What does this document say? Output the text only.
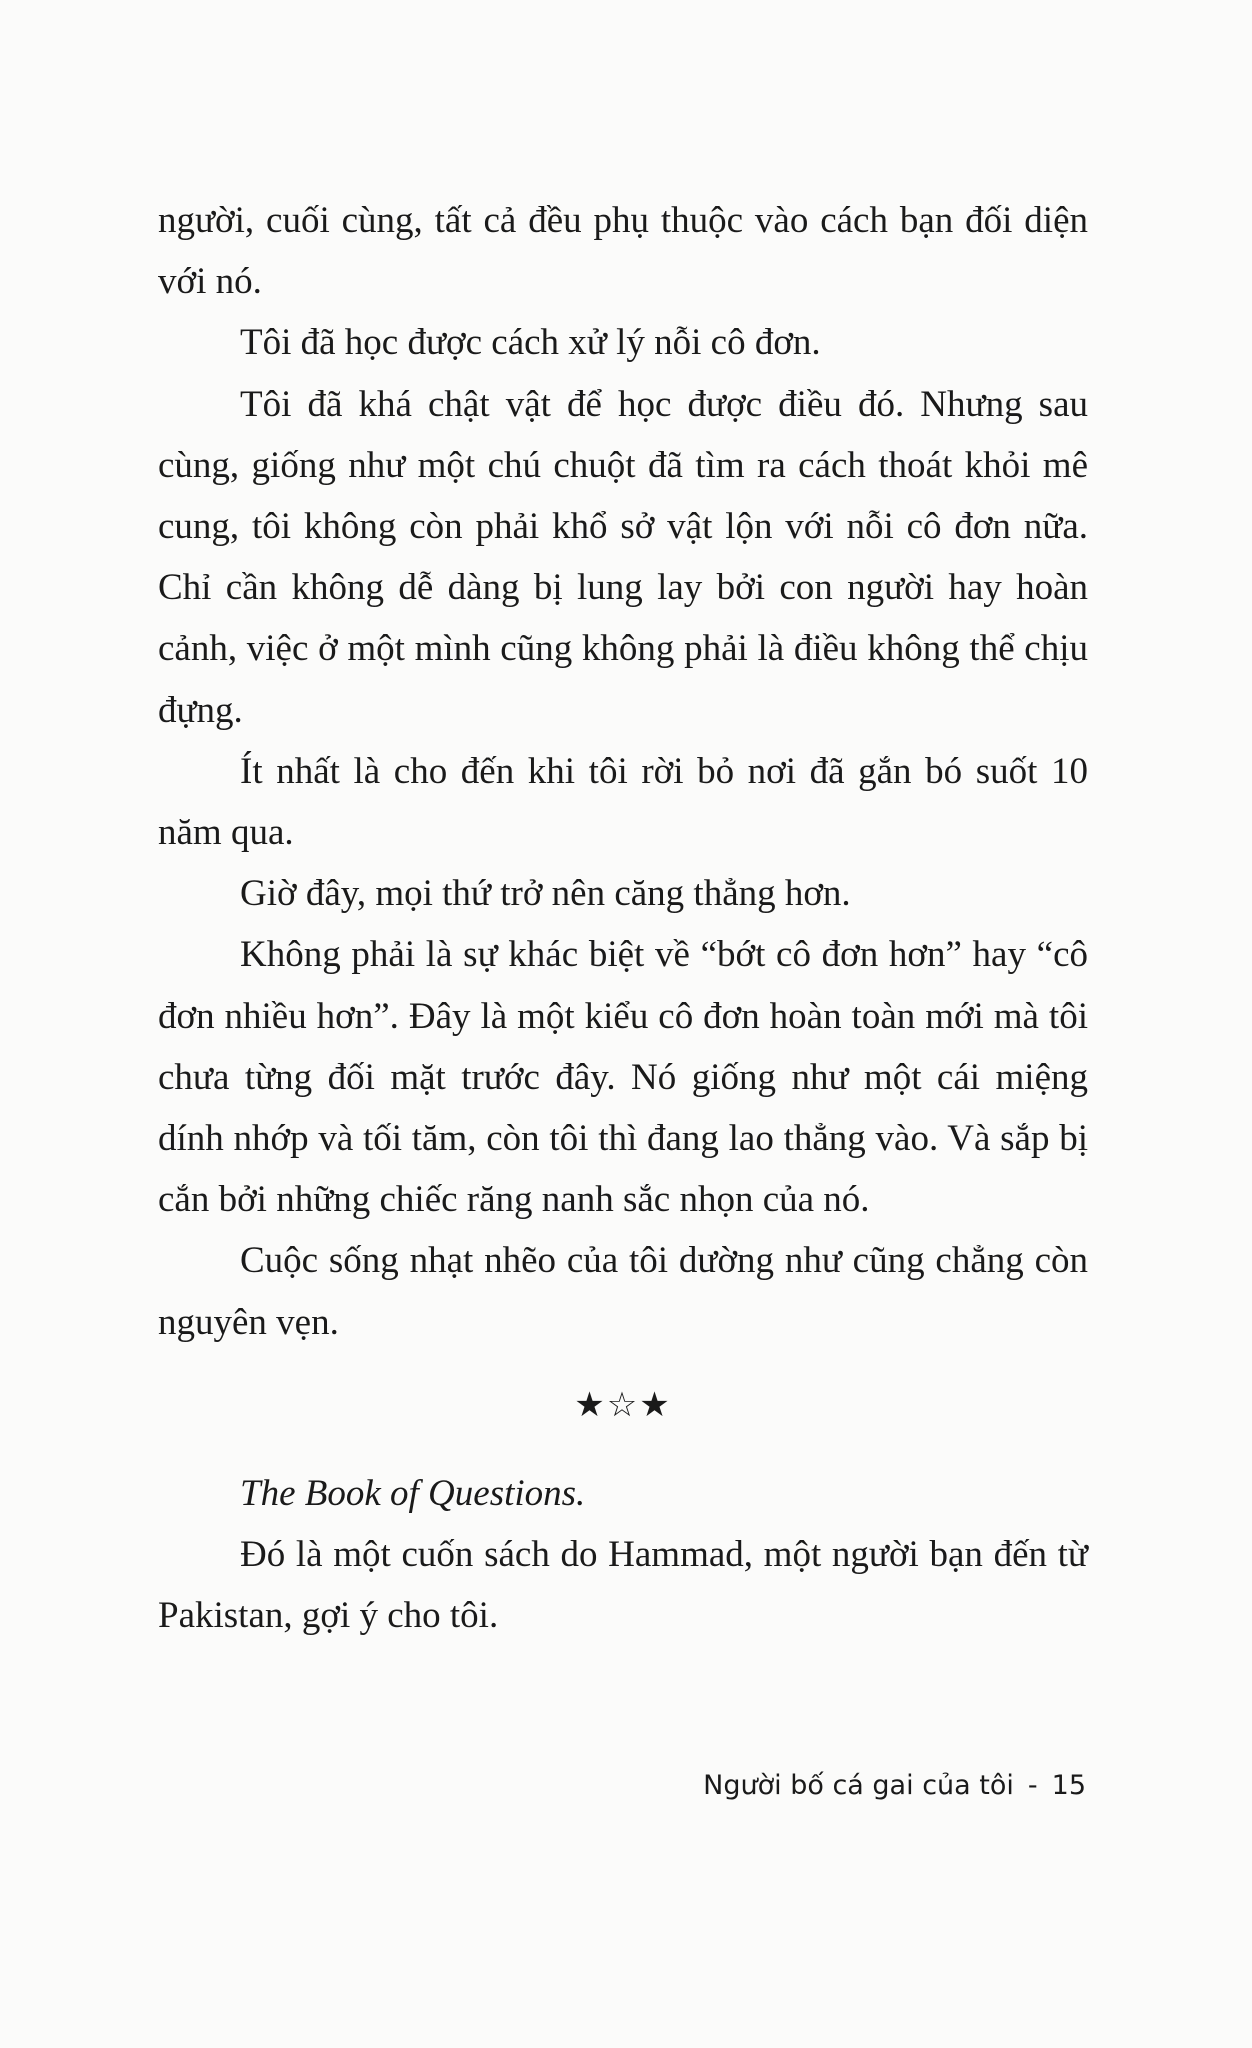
người, cuối cùng, tất cả đều phụ thuộc vào cách bạn đối diện với nó.

Tôi đã học được cách xử lý nỗi cô đơn.

Tôi đã khá chật vật để học được điều đó. Nhưng sau cùng, giống như một chú chuột đã tìm ra cách thoát khỏi mê cung, tôi không còn phải khổ sở vật lộn với nỗi cô đơn nữa. Chỉ cần không dễ dàng bị lung lay bởi con người hay hoàn cảnh, việc ở một mình cũng không phải là điều không thể chịu đựng.

Ít nhất là cho đến khi tôi rời bỏ nơi đã gắn bó suốt 10 năm qua.

Giờ đây, mọi thứ trở nên căng thẳng hơn.

Không phải là sự khác biệt về “bớt cô đơn hơn” hay “cô đơn nhiều hơn”. Đây là một kiểu cô đơn hoàn toàn mới mà tôi chưa từng đối mặt trước đây. Nó giống như một cái miệng dính nhớp và tối tăm, còn tôi thì đang lao thẳng vào. Và sắp bị cắn bởi những chiếc răng nanh sắc nhọn của nó.

Cuộc sống nhạt nhẽo của tôi dường như cũng chẳng còn nguyên vẹn.

★☆★

The Book of Questions.

Đó là một cuốn sách do Hammad, một người bạn đến từ Pakistan, gợi ý cho tôi.

Người bố cá gai của tôi - 15
